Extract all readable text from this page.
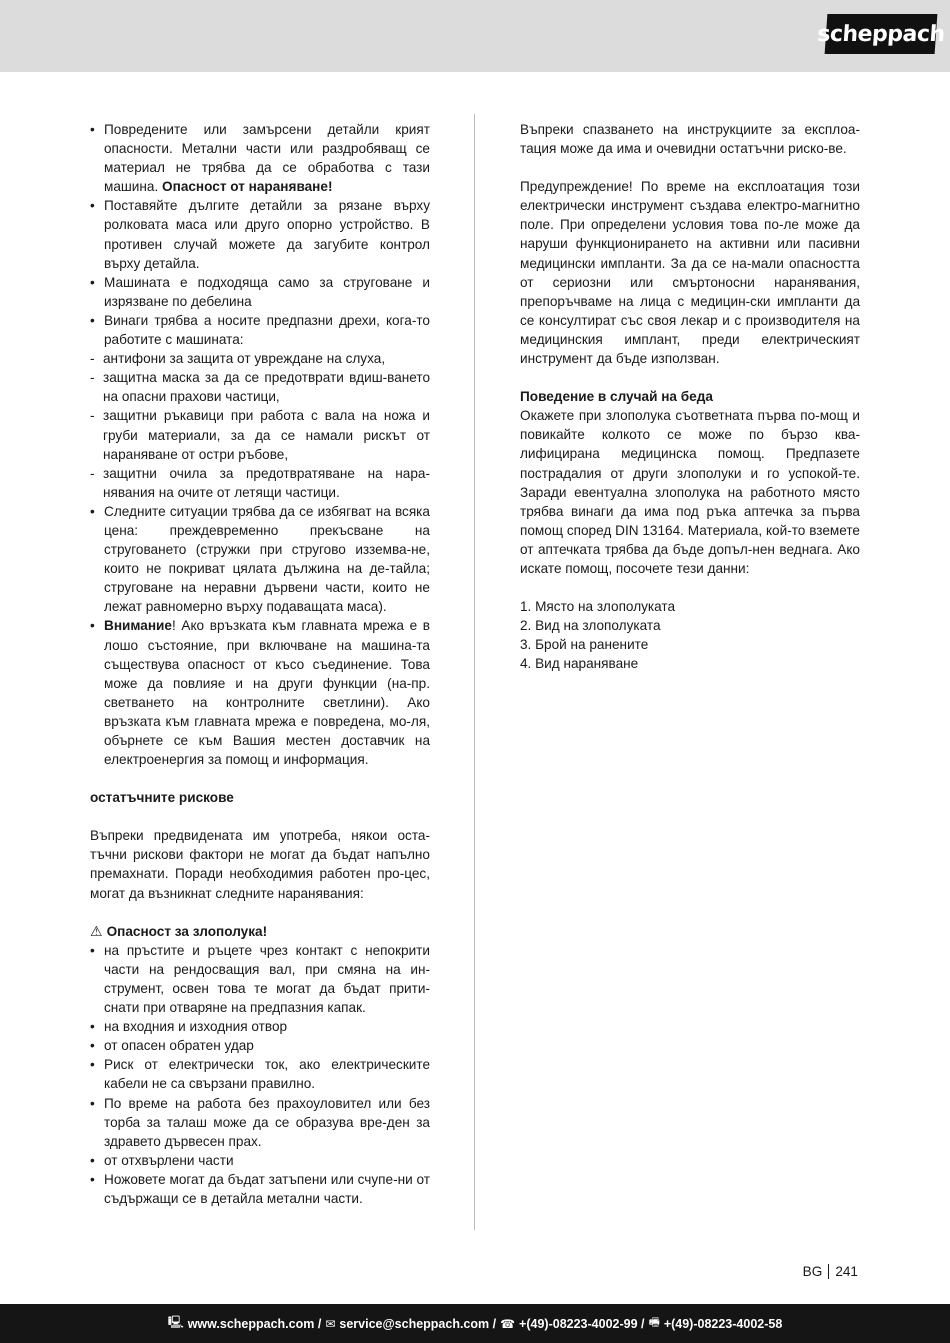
scheppach
• Повредените или замърсени детайли крият опасности. Метални части или раздробяващ се материал не трябва да се обработва с тази машина. Опасност от нараняване!
• Поставяйте дългите детайли за рязане върху ролковата маса или друго опорно устройство. В противен случай можете да загубите контрол върху детайла.
• Машината е подходяща само за струговане и изрязване по дебелина
• Винаги трябва а носите предпазни дрехи, кога-то работите с машината:
- антифони за защита от увреждане на слуха,
- защитна маска за да се предотврати вдиш-ването на опасни прахови частици,
- защитни ръкавици при работа с вала на ножа и груби материали, за да се намали рискът от нараняване от остри ръбове,
- защитни очила за предотвратяване на нара-нявания на очите от летящи частици.
• Следните ситуации трябва да се избягват на всяка цена: преждевременно прекъсване на струговането (стружки при стругово изземва-не, които не покриват цялата дължина на де-тайла; струговане на неравни дървени части, които не лежат равномерно върху подаващата маса).
• Внимание! Ако връзката към главната мрежа е в лошо състояние, при включване на машина-та съществува опасност от късо съединение. Това може да повлияе и на други функции (на-пр. светването на контролните светлини). Ако връзката към главната мрежа е повредена, мо-ля, обърнете се към Вашия местен доставчик на електроенергия за помощ и информация.
остатъчните рискове

Въпреки предвидената им употреба, някои оста-тъчни рискови фактори не могат да бъдат напълно премахнати. Поради необходимия работен про-цес, могат да възникнат следните наранявания:

⚠ Опасност за злополука!
• на пръстите и ръцете чрез контакт с непокрити части на рендосващия вал, при смяна на ин-струмент, освен това те могат да бъдат прити-снати при отваряне на предпазния капак.
• на входния и изходния отвор
• от опасен обратен удар
• Риск от електрически ток, ако електрическите кабели не са свързани правилно.
• По време на работа без прахоуловител или без торба за талаш може да се образува вре-ден за здравето дървесен прах.
• от отхвърлени части
• Ножовете могат да бъдат затъпени или счупе-ни от съдържащи се в детайла метални части.

Въпреки спазването на инструкциите за експлоа-тация може да има и очевидни остатъчни риско-ве.

Предупреждение! По време на експлоатация този електрически инструмент създава електро-магнитно поле. При определени условия това по-ле може да наруши функционирането на активни или пасивни медицински импланти. За да се на-мали опасността от сериозни или смъртоносни наранявания, препоръчваме на лица с медицин-ски импланти да се консултират със своя лекар и с производителя на медицинския имплант, преди електрическият инструмент да бъде използван.

Поведение в случай на беда

Окажете при злополука съответната първа по-мощ и повикайте колкото се може по бързо ква-лифицирана медицинска помощ. Предпазете пострадалия от други злополуки и го успокой-те. Заради евентуална злополука на работното място трябва винаги да има под ръка аптечка за първа помощ според DIN 13164. Материала, кой-то вземете от аптечката трябва да бъде допъл-нен веднага. Ако искате помощ, посочете тези данни:

1. Място на злополуката
2. Вид на злополуката
3. Брой на ранените
4. Вид нараняване
BG 241
🖳 www.scheppach.com / ✉ service@scheppach.com / ☎ +(49)-08223-4002-99 / 🖷 +(49)-08223-4002-58
